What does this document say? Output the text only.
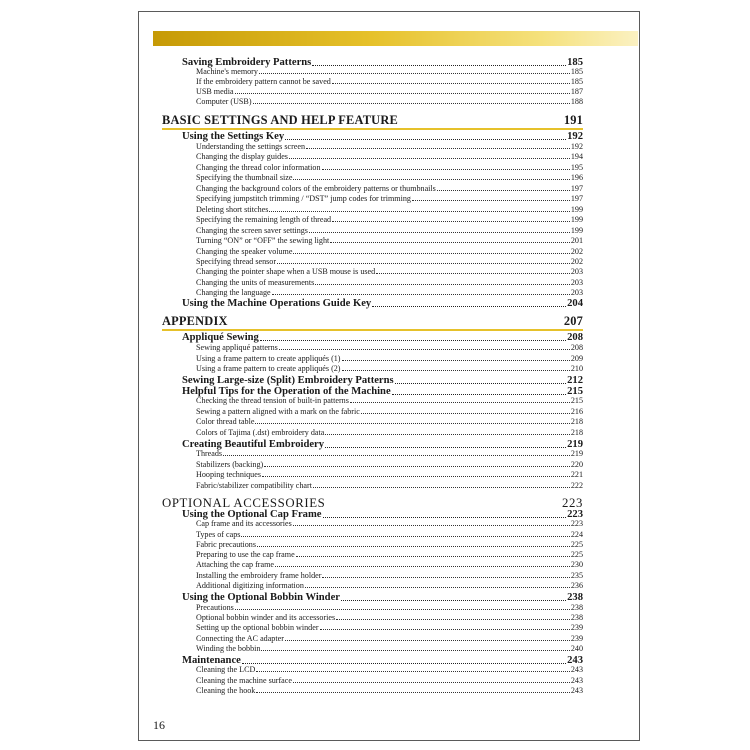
Saving Embroidery Patterns	185
Machine's memory	185
If the embroidery pattern cannot be saved	185
USB media	187
Computer (USB)	188
BASIC SETTINGS AND HELP FEATURE	191
Using the Settings Key	192
Understanding the settings screen	192
Changing the display guides	194
Changing the thread color information	195
Specifying the thumbnail size	196
Changing the background colors of the embroidery patterns or thumbnails	197
Specifying jumpstitch trimming / “DST” jump codes for trimming	197
Deleting short stitches	199
Specifying the remaining length of thread	199
Changing the screen saver settings	199
Turning “ON” or “OFF” the sewing light	201
Changing the speaker volume	202
Specifying thread sensor	202
Changing the pointer shape when a USB mouse is used	203
Changing the units of measurements	203
Changing the language	203
Using the Machine Operations Guide Key	204
APPENDIX	207
Appliqué Sewing	208
Sewing appliqué patterns	208
Using a frame pattern to create appliqués (1)	209
Using a frame pattern to create appliqués (2)	210
Sewing Large-size (Split) Embroidery Patterns	212
Helpful Tips for the Operation of the Machine	215
Checking the thread tension of built-in patterns	215
Sewing a pattern aligned with a mark on the fabric	216
Color thread table	218
Colors of Tajima (.dst) embroidery data	218
Creating Beautiful Embroidery	219
Threads	219
Stabilizers (backing)	220
Hooping techniques	221
Fabric/stabilizer compatibility chart	222
OPTIONAL ACCESSORIES	223
Using the Optional Cap Frame	223
Cap frame and its accessories	223
Types of caps	224
Fabric precautions	225
Preparing to use the cap frame	225
Attaching the cap frame	230
Installing the embroidery frame holder	235
Additional digitizing information	236
Using the Optional Bobbin Winder	238
Precautions	238
Optional bobbin winder and its accessories	238
Setting up the optional bobbin winder	239
Connecting the AC adapter	239
Winding the bobbin	240
Maintenance	243
Cleaning the LCD	243
Cleaning the machine surface	243
Cleaning the hook	243
16
